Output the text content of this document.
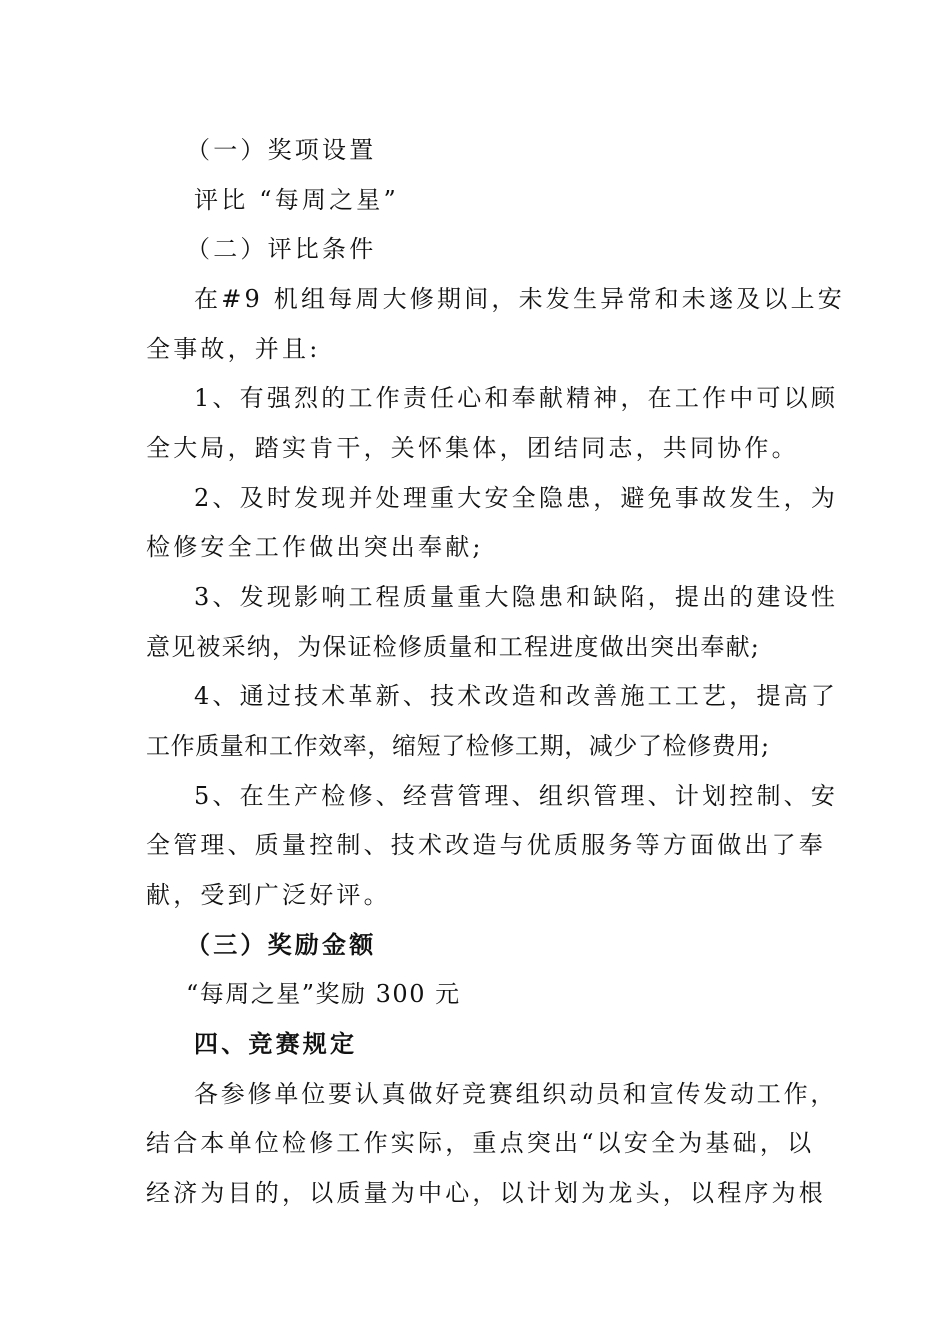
（一）奖项设置
评比 “每周之星”
（二）评比条件
在#9 机组每周大修期间，未发生异常和未遂及以上安
全事故，并且:
1、有强烈的工作责任心和奉献精神，在工作中可以顾
全大局，踏实肯干，关怀集体，团结同志，共同协作。
2、及时发现并处理重大安全隐患，避免事故发生，为
检修安全工作做出突出奉献;
3、发现影响工程质量重大隐患和缺陷，提出的建设性
意见被采纳，为保证检修质量和工程进度做出突出奉献;
4、通过技术革新、技术改造和改善施工工艺，提高了
工作质量和工作效率，缩短了检修工期，减少了检修费用;
5、在生产检修、经营管理、组织管理、计划控制、安
全管理、质量控制、技术改造与优质服务等方面做出了奉
献，受到广泛好评。
（三）奖励金额
“每周之星”奖励 300 元
四、竞赛规定
各参修单位要认真做好竞赛组织动员和宣传发动工作，
结合本单位检修工作实际，重点突出“以安全为基础，以
经济为目的，以质量为中心，以计划为龙头，以程序为根
